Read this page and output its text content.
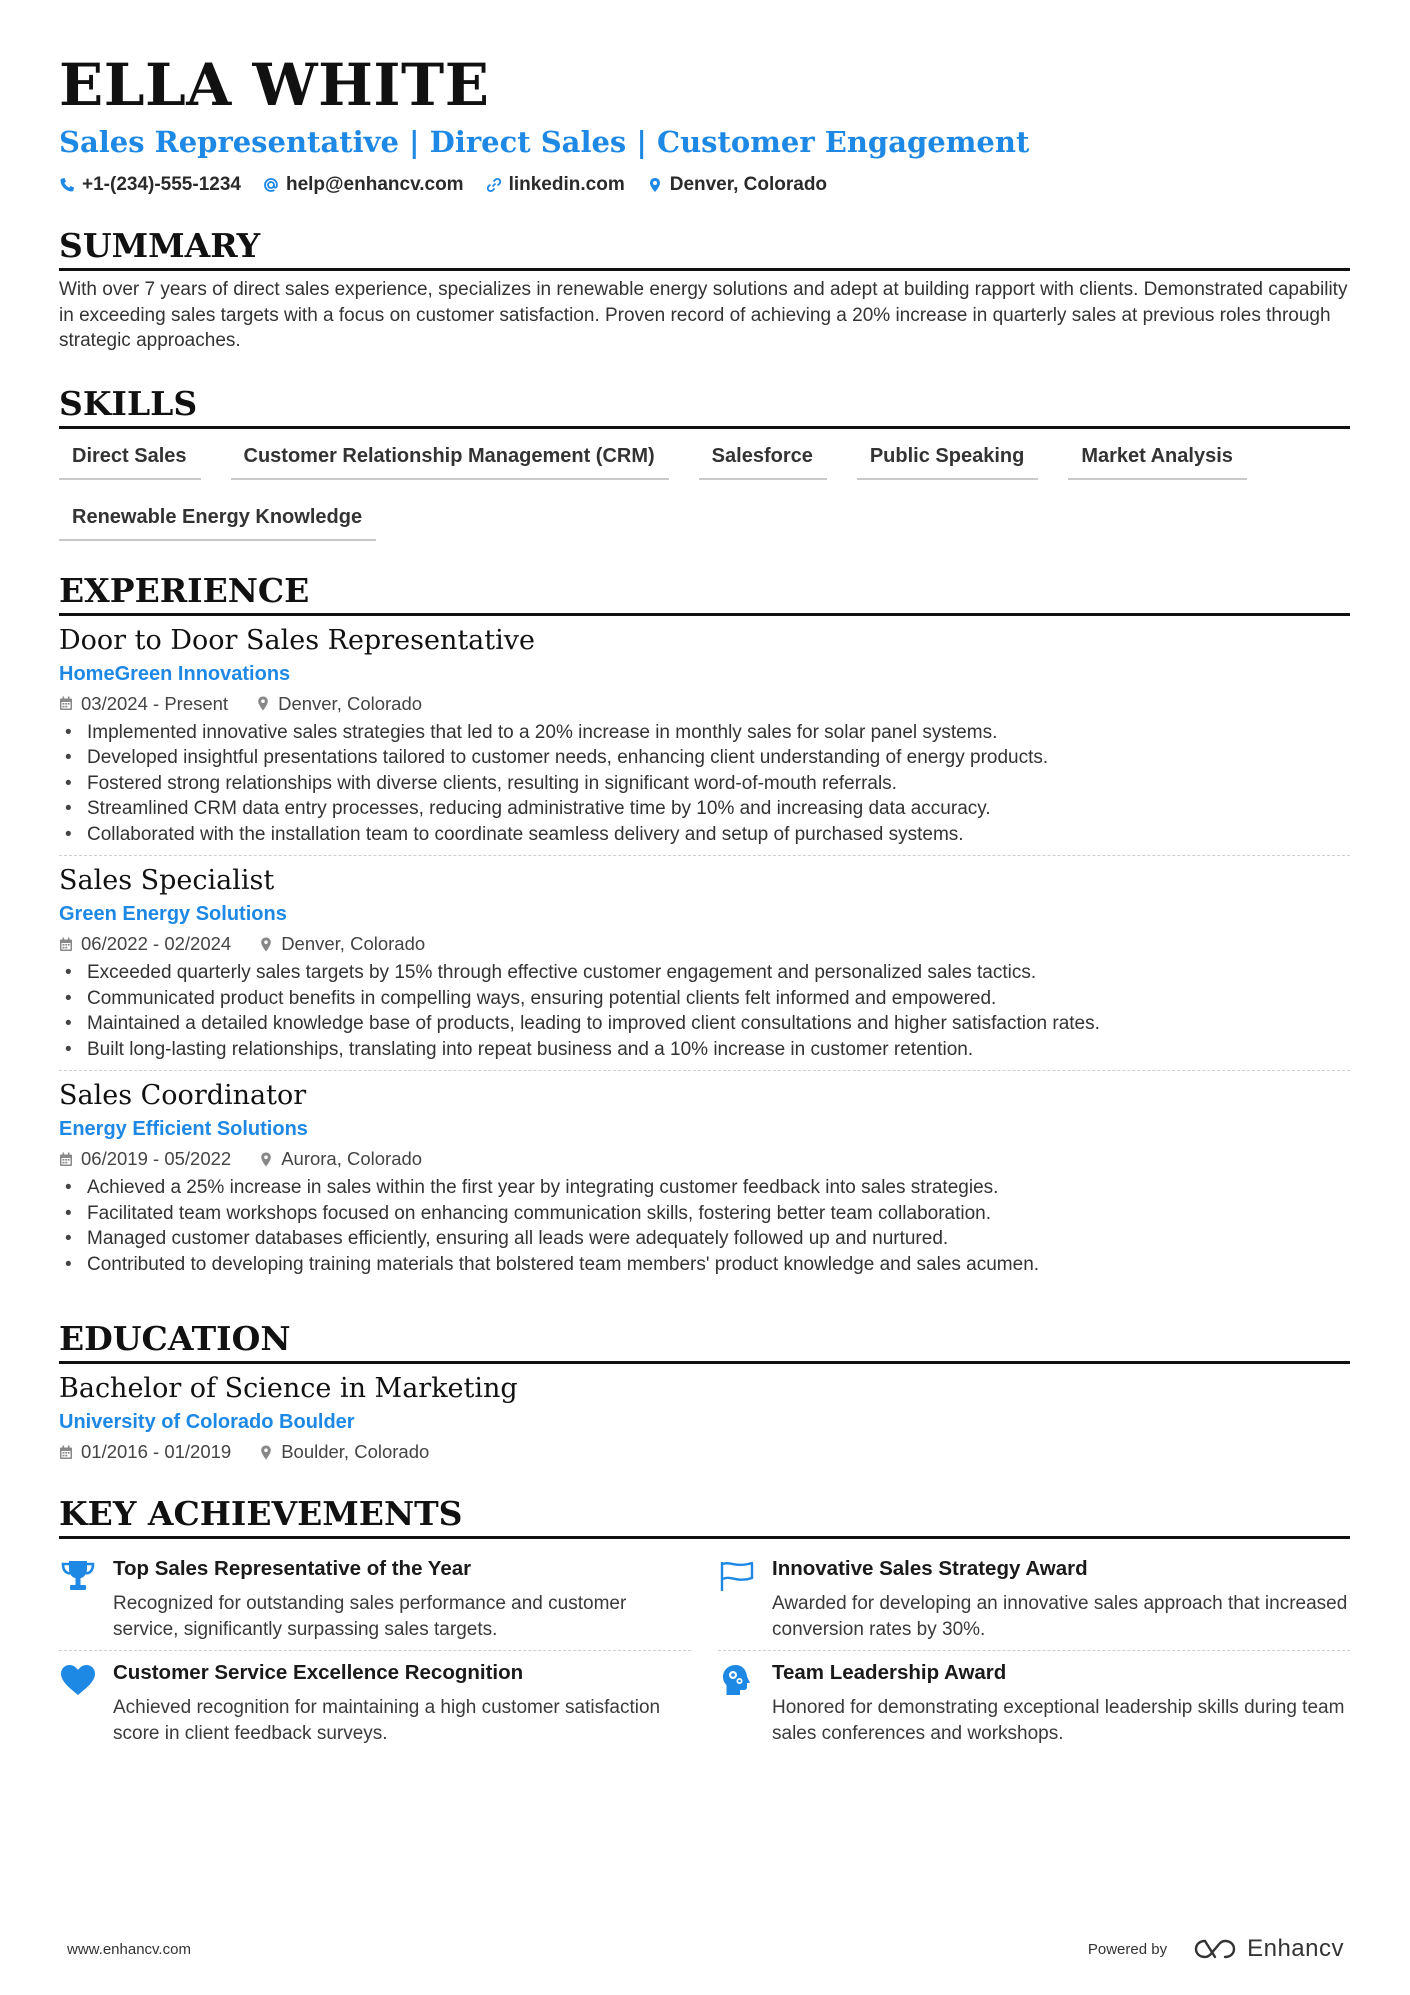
ELLA WHITE
Sales Representative | Direct Sales | Customer Engagement
+1-(234)-555-1234 help@enhancv.com linkedin.com Denver, Colorado
SUMMARY

With over 7 years of direct sales experience, specializes in renewable energy solutions and adept at building rapport with clients. Demonstrated capability in exceeding sales targets with a focus on customer satisfaction. Proven record of achieving a 20% increase in quarterly sales at previous roles through strategic approaches.

SKILLS
Direct Sales	Customer Relationship Management (CRM)	Salesforce	Public Speaking	Market Analysis
Renewable Energy Knowledge
EXPERIENCE
Door to Door Sales Representative
HomeGreen Innovations
03/2024 - Present	Denver, Colorado
• Implemented innovative sales strategies that led to a 20% increase in monthly sales for solar panel systems.
• Developed insightful presentations tailored to customer needs, enhancing client understanding of energy products.
• Fostered strong relationships with diverse clients, resulting in significant word-of-mouth referrals.
• Streamlined CRM data entry processes, reducing administrative time by 10% and increasing data accuracy.
• Collaborated with the installation team to coordinate seamless delivery and setup of purchased systems.
Sales Specialist
Green Energy Solutions
06/2022 - 02/2024	Denver, Colorado
• Exceeded quarterly sales targets by 15% through effective customer engagement and personalized sales tactics.
• Communicated product benefits in compelling ways, ensuring potential clients felt informed and empowered.
• Maintained a detailed knowledge base of products, leading to improved client consultations and higher satisfaction rates.
• Built long-lasting relationships, translating into repeat business and a 10% increase in customer retention.
Sales Coordinator
Energy Efficient Solutions
06/2019 - 05/2022	Aurora, Colorado
• Achieved a 25% increase in sales within the first year by integrating customer feedback into sales strategies.
• Facilitated team workshops focused on enhancing communication skills, fostering better team collaboration.
• Managed customer databases efficiently, ensuring all leads were adequately followed up and nurtured.
• Contributed to developing training materials that bolstered team members' product knowledge and sales acumen.
EDUCATION
Bachelor of Science in Marketing
University of Colorado Boulder
01/2016 - 01/2019	Boulder, Colorado
KEY ACHIEVEMENTS
Top Sales Representative of the Year
Recognized for outstanding sales performance and customer service, significantly surpassing sales targets.
Innovative Sales Strategy Award
Awarded for developing an innovative sales approach that increased conversion rates by 30%.
Customer Service Excellence Recognition
Achieved recognition for maintaining a high customer satisfaction score in client feedback surveys.
Team Leadership Award
Honored for demonstrating exceptional leadership skills during team sales conferences and workshops.
www.enhancv.com	Powered by	Enhancv
